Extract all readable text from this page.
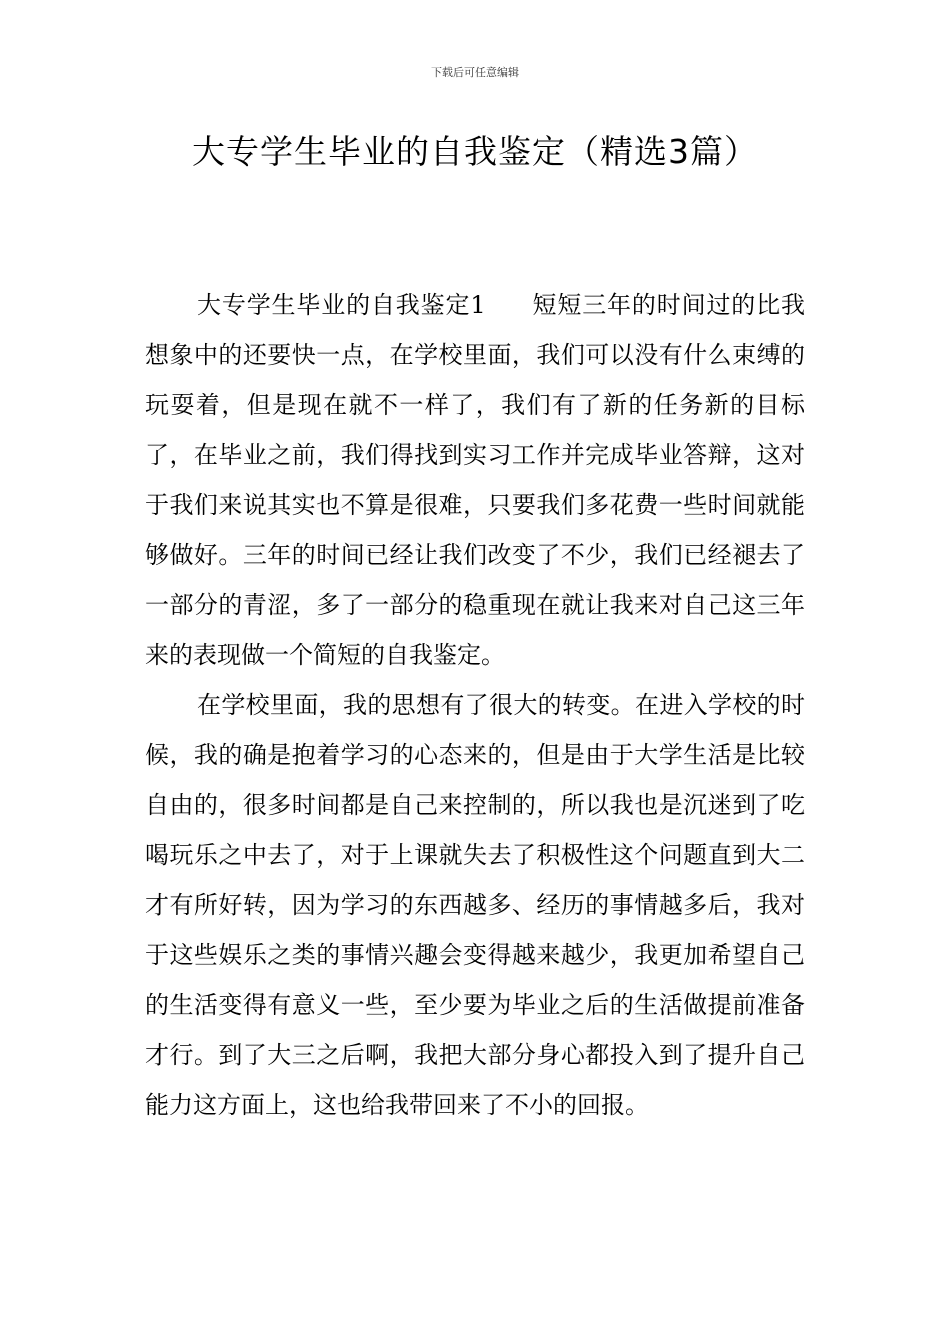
下载后可任意编辑
大专学生毕业的自我鉴定（精选3篇）

大专学生毕业的自我鉴定1 短短三年的时间过的比我想象中的还要快一点，在学校里面，我们可以没有什么束缚的玩耍着，但是现在就不一样了，我们有了新的任务新的目标了，在毕业之前，我们得找到实习工作并完成毕业答辩，这对于我们来说其实也不算是很难，只要我们多花费一些时间就能够做好。三年的时间已经让我们改变了不少，我们已经褪去了一部分的青涩，多了一部分的稳重现在就让我来对自己这三年来的表现做一个简短的自我鉴定。

在学校里面，我的思想有了很大的转变。在进入学校的时候，我的确是抱着学习的心态来的，但是由于大学生活是比较自由的，很多时间都是自己来控制的，所以我也是沉迷到了吃喝玩乐之中去了，对于上课就失去了积极性这个问题直到大二才有所好转，因为学习的东西越多、经历的事情越多后，我对于这些娱乐之类的事情兴趣会变得越来越少，我更加希望自己的生活变得有意义一些，至少要为毕业之后的生活做提前准备才行。到了大三之后啊，我把大部分身心都投入到了提升自己能力这方面上，这也给我带回来了不小的回报。
